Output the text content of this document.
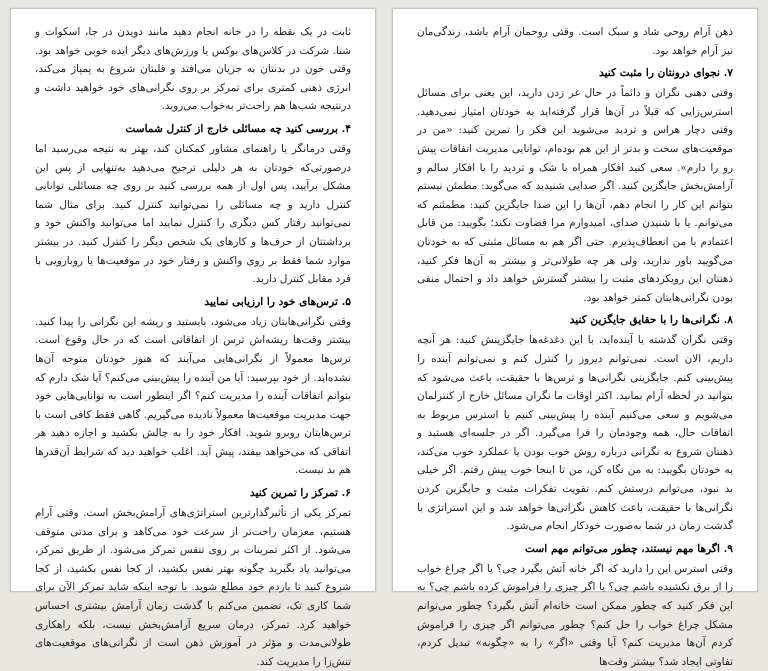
ذهن آرام روحی شاد و سبک است. وقتی روحمان آرام باشد، زندگی‌مان نیز آرام خواهد بود.

۷. نجوای درونتان را مثبت کنید

وقتی ذهنی نگران و دائماً در حال غر زدن دارید، این یعنی برای مسائل استرس‌زایی که قبلاً در آن‌ها قرار گرفته‌اید به خودتان امتیاز نمی‌دهید. وقتی دچار هراس و تردید می‌شوید این فکر را تمرین کنید: «من در موقعیت‌های سخت و بدتر از این هم بوده‌ام، توانایی مدیریت اتفاقات پیش رو را دارم». سعی کنید افکار همراه با شک و تردید را با افکار سالم و آرامش‌بخش جایگزین کنید. اگر صدایی شنیدید که می‌گوید: مطمئن نیستم بتوانم این کار را انجام دهم، آن‌ها را این صدا جایگزین کنید: مطمئنم که می‌توانم. یا با شنیدن صدای، امیدوارم مرا قضاوت نکند؛ بگویید: من قابل اعتمادم یا من انعطاف‌پذیرم. حتی اگر هم به مسائل مثبتی که به خودتان می‌گویید باور ندارید، ولی هر چه طولانی‌تر و بیشتر به آن‌ها فکر کنید، ذهنتان این رویکردهای مثبت را بیشتر گسترش خواهد داد و احتمال منفی بودن نگرانی‌هایتان کمتر خواهد بود.

۸. نگرانی‌ها را با حقایق جایگزین کنید

وقتی نگران گذشته یا آینده‌اید، با این دغدغه‌ها جایگزینش کنید: هر آنچه داریم، الان است. نمی‌توانم دیروز را کنترل کنم و نمی‌توانم آینده را پیش‌بینی کنم. جایگزینی نگرانی‌ها و ترس‌ها با حقیقت، باعث می‌شود که بتوانید در لحظه آرام بمانید. اکثر اوقات ما نگران مسائل خارج از کنترلمان می‌شویم و سعی می‌کنیم آینده را پیش‌بینی کنیم یا استرس مربوط به اتفاقات حال، همه وجودمان را فرا می‌گیرد. اگر در جلسه‌ای هستید و ذهنتان شروع به نگرانی درباره روش خوب بودن یا عملکرد خوب می‌کند، به خودتان بگویید: به من نگاه کن، من تا اینجا خوب پیش رفتم. اگر خیلی بد نبود، می‌توانم درستش کنم. تقویت تفکرات مثبت و جایگزین کردن نگرانی‌ها با حقیقت، باعث کاهش نگرانی‌ها خواهد شد و این استراتژی با گذشت زمان در شما به‌صورت خودکار انجام می‌شود.

۹. اگرها مهم نیستند، چطور می‌توانم مهم است

وقتی استرس این را دارید که اگر خانه آتش بگیرد چی؟ یا اگر چراغ خواب را از برق نکشیده باشم چی؟ یا اگر چیزی را فراموش کرده باشم چی؟ به این فکر کنید که چطور ممکن است خانه‌ام آتش بگیرد؟ چطور می‌توانم مشکل چراغ خواب را حل کنم؟ چطور می‌توانم اگر چیزی را فراموش کردم آن‌ها مدیریت کنم؟ آیا وقتی «اگر» را به «چگونه» تبدیل کردم، تفاوتی ایجاد شد؟ بیشتر وقت‌ها

ثابت در یک نقطه را در خانه انجام دهید مانند دویدن در جا، اسکوات و شنا. شرکت در کلاس‌های بوکس یا ورزش‌های دیگر ایده خوبی خواهد بود. وقتی خون در بدنتان به جریان می‌افتد و قلبتان شروع به پمپاژ می‌کند، انرژی ذهنی کمتری برای تمرکز بر روی نگرانی‌های خود خواهید داشت و درنتیجه شب‌ها هم راحت‌تر به‌خواب می‌روید.

۴. بررسی کنید چه مسائلی خارج از کنترل شماست

وقتی درمانگر یا راهنمای مشاور کمکتان کند، بهتر به نتیجه می‌رسید اما درصورتی‌که خودتان به هر دلیلی ترجیح می‌دهید به‌تنهایی از پس این مشکل برآیید، پس اول از همه بررسی کنید بر روی چه مسائلی توانایی کنترل دارید و چه مسائلی را نمی‌توانید کنترل کنید. برای مثال شما نمی‌توانید رفتار کس دیگری را کنترل نمایید اما می‌توانید واکنش خود و برداشتتان از حرف‌ها و کارهای یک شخص دیگر را کنترل کنید. در بیشتر موارد شما فقط بر روی واکنش و رفتار خود در موقعیت‌ها یا روبارویی با فرد مقابل کنترل دارید.

۵. ترس‌های خود را ارزیابی نمایید

وقتی نگرانی‌هایتان زیاد می‌شود، بایستید و ریشه این نگرانی را پیدا کنید. بیشتر وقت‌ها ریشه‌اش ترس از اتفاقاتی است که در حال وقوع است. ترس‌ها معمولاً از نگرانی‌هایی می‌آیند که هنوز خودتان متوجه آن‌ها نشده‌اید. از خود بپرسید: آیا من آینده را پیش‌بینی می‌کنم؟ آیا شک دارم که بتوانم اتفاقات آینده را مدیریت کنم؟ اگر اینطور است به توانایی‌هایی خود جهت مدیریت موقعیت‌ها معمولاً نادیده می‌گیریم. گاهی فقط کافی است با ترس‌هایتان روبرو شوید. افکار خود را به چالش بکشید و اجازه دهید هر اتفاقی که می‌خواهد بیفتد، پیش آید. اغلب خواهید دید که شرایط آن‌قدرها هم بد نیست.

۶. تمرکز را تمرین کنید

تمرکز یکی از تأثیرگذارترین استراتژی‌های آرامش‌بخش است. وقتی آرام هستیم، معزمان راحت‌تر از سرعت خود می‌کاهد و برای مدتی متوقف می‌شود. از اکثر تمرینات بر روی تنفس تمرکز می‌شود. از طریق تمرکز، می‌توانید یاد بگیرید چگونه بهتر نفس بکشید، از کجا نفس بکشید، از کجا شروع کنید تا بازدم خود مطلع شوید. با توجه اینکه شاید تمرکز الآن برای شما کاری تک، تضمین می‌کنم با گذشت زمان آرامش بیشتری احساس خواهید کرد. تمرکز، درمان سریع آرامش‌بخش نیست، بلکه راهکاری طولانی‌مدت و مؤثر در آموزش ذهن است از نگرانی‌های موقعیت‌های تنش‌زا را مدیریت کند.
